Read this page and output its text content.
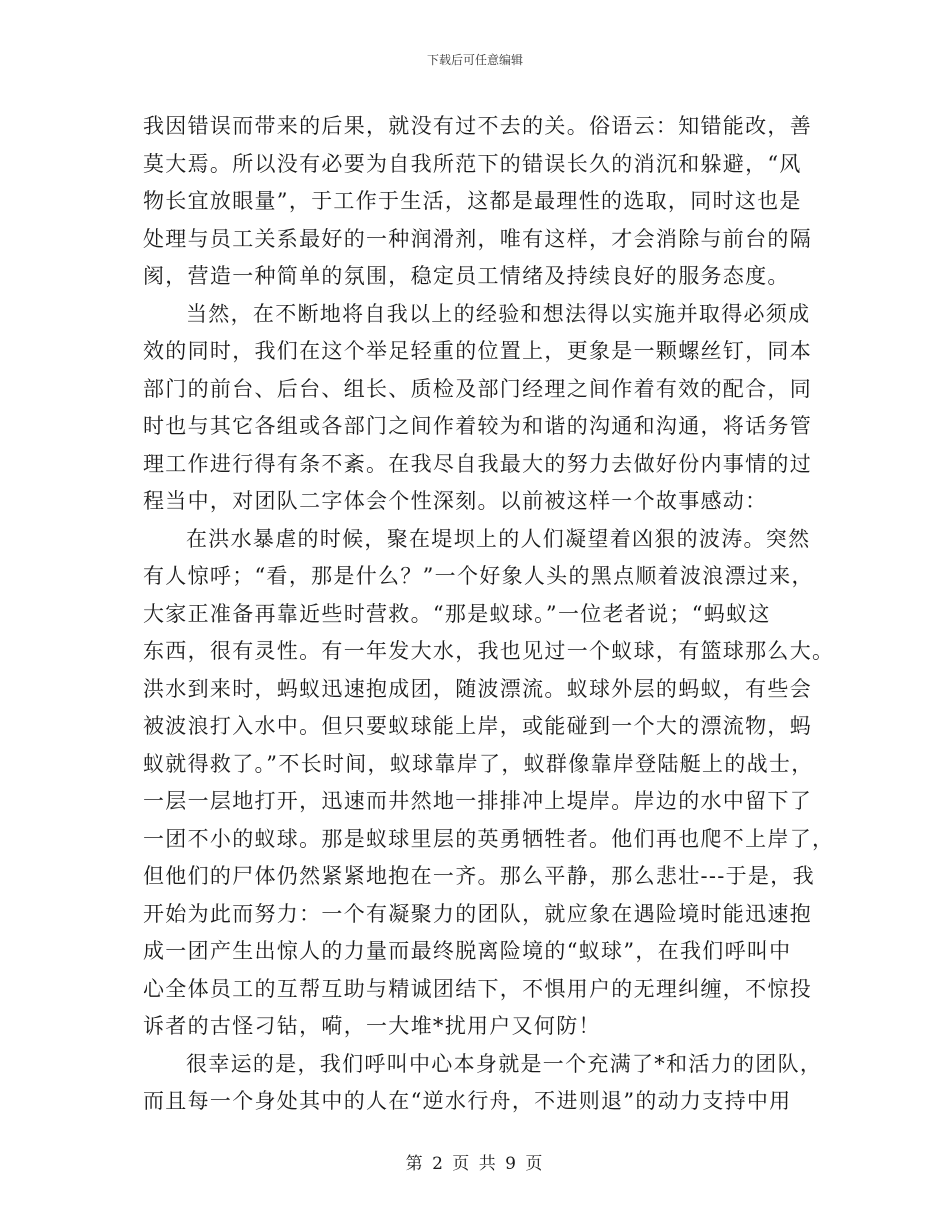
下载后可任意编辑
我因错误而带来的后果，就没有过不去的关。俗语云：知错能改，善
莫大焉。所以没有必要为自我所范下的错误长久的消沉和躲避，“风
物长宜放眼量”，于工作于生活，这都是最理性的选取，同时这也是
处理与员工关系最好的一种润滑剂，唯有这样，才会消除与前台的隔
阂，营造一种简单的氛围，稳定员工情绪及持续良好的服务态度。
当然，在不断地将自我以上的经验和想法得以实施并取得必须成
效的同时，我们在这个举足轻重的位置上，更象是一颗螺丝钉，同本
部门的前台、后台、组长、质检及部门经理之间作着有效的配合，同
时也与其它各组或各部门之间作着较为和谐的沟通和沟通，将话务管
理工作进行得有条不紊。在我尽自我最大的努力去做好份内事情的过
程当中，对团队二字体会个性深刻。以前被这样一个故事感动：
在洪水暴虐的时候，聚在堤坝上的人们凝望着凶狠的波涛。突然
有人惊呼；“看，那是什么？”一个好象人头的黑点顺着波浪漂过来，
大家正准备再靠近些时营救。“那是蚁球。”一位老者说；“蚂蚁这
东西，很有灵性。有一年发大水，我也见过一个蚁球，有篮球那么大。
洪水到来时，蚂蚁迅速抱成团，随波漂流。蚁球外层的蚂蚁，有些会
被波浪打入水中。但只要蚁球能上岸，或能碰到一个大的漂流物，蚂
蚁就得救了。”不长时间，蚁球靠岸了，蚁群像靠岸登陆艇上的战士，
一层一层地打开，迅速而井然地一排排冲上堤岸。岸边的水中留下了
一团不小的蚁球。那是蚁球里层的英勇牺牲者。他们再也爬不上岸了，
但他们的尸体仍然紧紧地抱在一齐。那么平静，那么悲壮---于是，我
开始为此而努力：一个有凝聚力的团队，就应象在遇险境时能迅速抱
成一团产生出惊人的力量而最终脱离险境的“蚁球”，在我们呼叫中
心全体员工的互帮互助与精诚团结下，不惧用户的无理纠缠，不惊投
诉者的古怪刁钻，嗬，一大堆*扰用户又何防！
很幸运的是，我们呼叫中心本身就是一个充满了*和活力的团队，
而且每一个身处其中的人在“逆水行舟，不进则退”的动力支持中用
第 2 页 共 9 页
